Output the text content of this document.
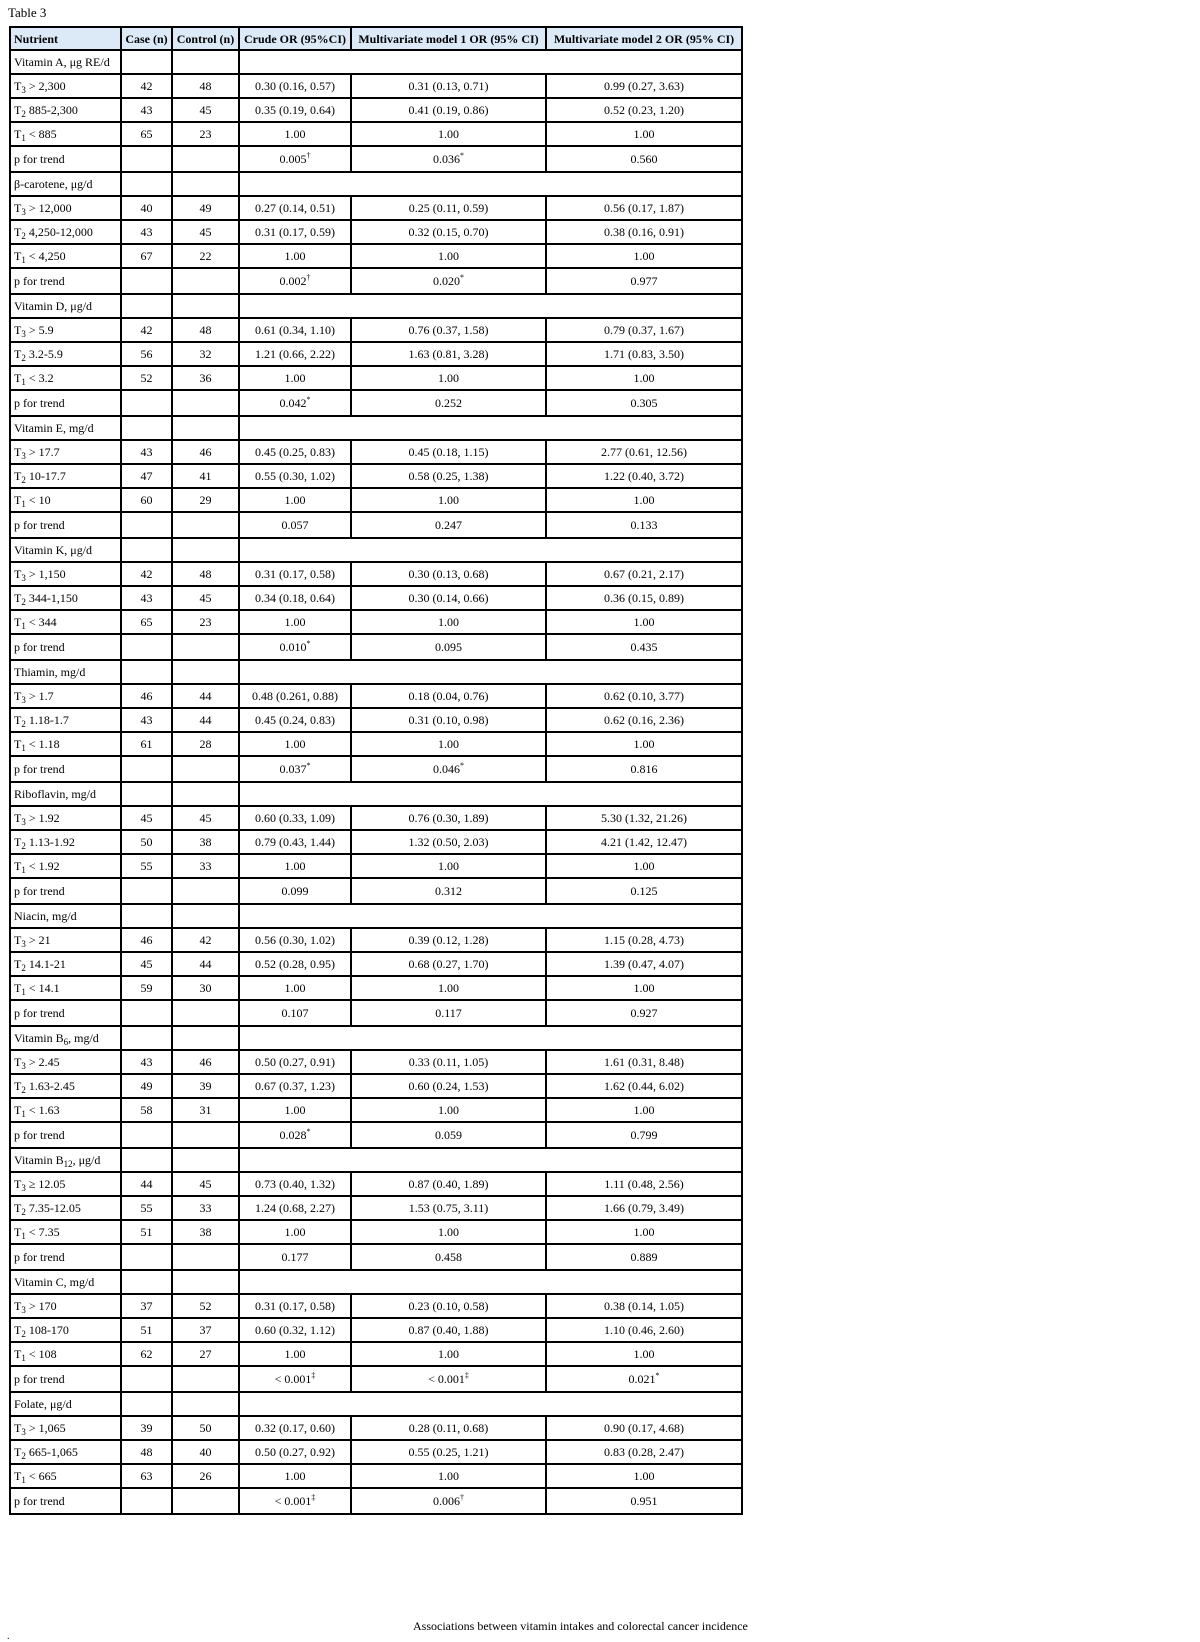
Table 3
Nutrient	Case (n)	Control (n)	Crude OR (95%CI)	Multivariate model 1 OR (95% CI)	Multivariate model 2 OR (95% CI)
Vitamin A, μg RE/d					
$T_3 > 2,300$	42	48	0.30 (0.16, 0.57)	0.31 (0.13, 0.71)	0.99 (0.27, 3.63)
$T_2$ 885-2,300	43	45	0.35 (0.19, 0.64)	0.41 (0.19, 0.86)	0.52 (0.23, 1.20)
$T_1 < 885$	65	23	1.00	1.00	1.00
p for trend			0.005†	0.036*	0.560
β-carotene, μg/d					
$T_3 > 12,000$	40	49	0.27 (0.14, 0.51)	0.25 (0.11, 0.59)	0.56 (0.17, 1.87)
$T_2$ 4,250-12,000	43	45	0.31 (0.17, 0.59)	0.32 (0.15, 0.70)	0.38 (0.16, 0.91)
$T_1 < 4,250$	67	22	1.00	1.00	1.00
p for trend			0.002†	0.020*	0.977
Vitamin D, μg/d					
$T_3 > 5.9$	42	48	0.61 (0.34, 1.10)	0.76 (0.37, 1.58)	0.79 (0.37, 1.67)
$T_2$ 3.2-5.9	56	32	1.21 (0.66, 2.22)	1.63 (0.81, 3.28)	1.71 (0.83, 3.50)
$T_1 < 3.2$	52	36	1.00	1.00	1.00
p for trend			0.042*	0.252	0.305
Vitamin E, mg/d					
$T_3 > 17.7$	43	46	0.45 (0.25, 0.83)	0.45 (0.18, 1.15)	2.77 (0.61, 12.56)
$T_2$ 10-17.7	47	41	0.55 (0.30, 1.02)	0.58 (0.25, 1.38)	1.22 (0.40, 3.72)
$T_1 < 10$	60	29	1.00	1.00	1.00
p for trend			0.057	0.247	0.133
Vitamin K, μg/d					
$T_3 > 1,150$	42	48	0.31 (0.17, 0.58)	0.30 (0.13, 0.68)	0.67 (0.21, 2.17)
$T_2$ 344-1,150	43	45	0.34 (0.18, 0.64)	0.30 (0.14, 0.66)	0.36 (0.15, 0.89)
$T_1 < 344$	65	23	1.00	1.00	1.00
p for trend			0.010*	0.095	0.435
Thiamin, mg/d					
$T_3 > 1.7$	46	44	0.48 (0.261, 0.88)	0.18 (0.04, 0.76)	0.62 (0.10, 3.77)
$T_2$ 1.18-1.7	43	44	0.45 (0.24, 0.83)	0.31 (0.10, 0.98)	0.62 (0.16, 2.36)
$T_1 < 1.18$	61	28	1.00	1.00	1.00
p for trend			0.037*	0.046*	0.816
Riboflavin, mg/d					
$T_3 > 1.92$	45	45	0.60 (0.33, 1.09)	0.76 (0.30, 1.89)	5.30 (1.32, 21.26)
$T_2$ 1.13-1.92	50	38	0.79 (0.43, 1.44)	1.32 (0.50, 2.03)	4.21 (1.42, 12.47)
$T_1 < 1.92$	55	33	1.00	1.00	1.00
p for trend			0.099	0.312	0.125
Niacin, mg/d					
$T_3 > 21$	46	42	0.56 (0.30, 1.02)	0.39 (0.12, 1.28)	1.15 (0.28, 4.73)
$T_2$ 14.1-21	45	44	0.52 (0.28, 0.95)	0.68 (0.27, 1.70)	1.39 (0.47, 4.07)
$T_1 < 14.1$	59	30	1.00	1.00	1.00
p for trend			0.107	0.117	0.927
Vitamin $B_6$, mg/d					
$T_3 > 2.45$	43	46	0.50 (0.27, 0.91)	0.33 (0.11, 1.05)	1.61 (0.31, 8.48)
$T_2$ 1.63-2.45	49	39	0.67 (0.37, 1.23)	0.60 (0.24, 1.53)	1.62 (0.44, 6.02)
$T_1 < 1.63$	58	31	1.00	1.00	1.00
p for trend			0.028*	0.059	0.799
Vitamin $B_{12}$, μg/d					
$T_3 \ge 12.05$	44	45	0.73 (0.40, 1.32)	0.87 (0.40, 1.89)	1.11 (0.48, 2.56)
$T_2$ 7.35-12.05	55	33	1.24 (0.68, 2.27)	1.53 (0.75, 3.11)	1.66 (0.79, 3.49)
$T_1 < 7.35$	51	38	1.00	1.00	1.00
p for trend			0.177	0.458	0.889
Vitamin C, mg/d					
$T_3 > 170$	37	52	0.31 (0.17, 0.58)	0.23 (0.10, 0.58)	0.38 (0.14, 1.05)
$T_2$ 108-170	51	37	0.60 (0.32, 1.12)	0.87 (0.40, 1.88)	1.10 (0.46, 2.60)
$T_1 < 108$	62	27	1.00	1.00	1.00
p for trend			< 0.001‡	< 0.001‡	0.021*
Folate, μg/d					
$T_3 > 1,065$	39	50	0.32 (0.17, 0.60)	0.28 (0.11, 0.68)	0.90 (0.17, 4.68)
$T_2$ 665-1,065	48	40	0.50 (0.27, 0.92)	0.55 (0.25, 1.21)	0.83 (0.28, 2.47)
$T_1 < 665$	63	26	1.00	1.00	1.00
p for trend			< 0.001‡	0.006†	0.951
Associations between vitamin intakes and colorectal cancer incidence
.
